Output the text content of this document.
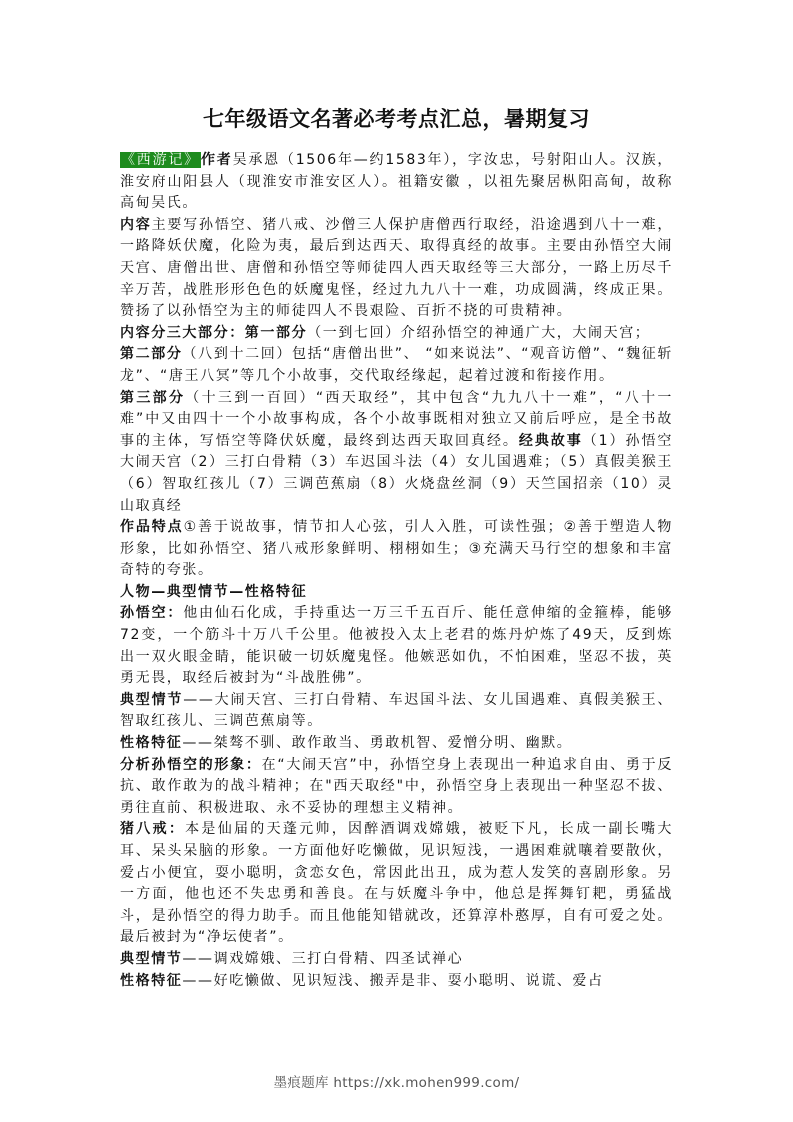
七年级语文名著必考考点汇总，暑期复习

《西游记》作者吴承恩（1506年—约1583年），字汝忠，号射阳山人。汉族，淮安府山阳县人（现淮安市淮安区人）。祖籍安徽 ，以祖先聚居枞阳高甸，故称高甸吴氏。

内容主要写孙悟空、猪八戒、沙僧三人保护唐僧西行取经，沿途遇到八十一难，一路降妖伏魔，化险为夷，最后到达西天、取得真经的故事。主要由孙悟空大闹天宫、唐僧出世、唐僧和孙悟空等师徒四人西天取经等三大部分，一路上历尽千辛万苦，战胜形形色色的妖魔鬼怪，经过九九八十一难，功成圆满，终成正果。赞扬了以孙悟空为主的师徒四人不畏艰险、百折不挠的可贵精神。

内容分三大部分：第一部分（一到七回）介绍孙悟空的神通广大，大闹天宫；

第二部分（八到十二回）包括“唐僧出世”、 “如来说法”、“观音访僧”、“魏征斩龙”、“唐王八冥”等几个小故事，交代取经缘起，起着过渡和衔接作用。

第三部分（十三到一百回）“西天取经”，其中包含“九九八十一难”，“八十一难”中又由四十一个小故事构成，各个小故事既相对独立又前后呼应，是全书故事的主体，写悟空等降伏妖魔，最终到达西天取回真经。经典故事（1）孙悟空大闹天宫（2）三打白骨精（3）车迟国斗法（4）女儿国遇难；（5）真假美猴王（6）智取红孩儿（7）三调芭蕉扇（8）火烧盘丝洞（9）天竺国招亲（10）灵山取真经

作品特点①善于说故事，情节扣人心弦，引人入胜，可读性强；②善于塑造人物形象，比如孙悟空、猪八戒形象鲜明、栩栩如生；③充满天马行空的想象和丰富奇特的夸张。

人物—典型情节—性格特征

孙悟空：他由仙石化成，手持重达一万三千五百斤、能任意伸缩的金箍棒，能够72变，一个筋斗十万八千公里。他被投入太上老君的炼丹炉炼了49天，反到炼出一双火眼金睛，能识破一切妖魔鬼怪。他嫉恶如仇，不怕困难，坚忍不拔，英勇无畏，取经后被封为“斗战胜佛”。

典型情节——大闹天宫、三打白骨精、车迟国斗法、女儿国遇难、真假美猴王、智取红孩儿、三调芭蕉扇等。

性格特征——桀骜不驯、敢作敢当、勇敢机智、爱憎分明、幽默。

分析孙悟空的形象：在“大闹天宫”中，孙悟空身上表现出一种追求自由、勇于反抗、敢作敢为的战斗精神；在"西天取经"中，孙悟空身上表现出一种坚忍不拔、勇往直前、积极进取、永不妥协的理想主义精神。

猪八戒：本是仙届的天蓬元帅，因醉酒调戏嫦娥，被贬下凡，长成一副长嘴大耳、呆头呆脑的形象。一方面他好吃懒做，见识短浅，一遇困难就嚷着要散伙，爱占小便宜，耍小聪明，贪恋女色，常因此出丑，成为惹人发笑的喜剧形象。另一方面，他也还不失忠勇和善良。在与妖魔斗争中，他总是挥舞钉耙，勇猛战斗，是孙悟空的得力助手。而且他能知错就改，还算淳朴憨厚，自有可爱之处。最后被封为“净坛使者”。

典型情节——调戏嫦娥、三打白骨精、四圣试禅心

性格特征——好吃懒做、见识短浅、搬弄是非、耍小聪明、说谎、爱占

墨痕题库 https://xk.mohen999.com/
